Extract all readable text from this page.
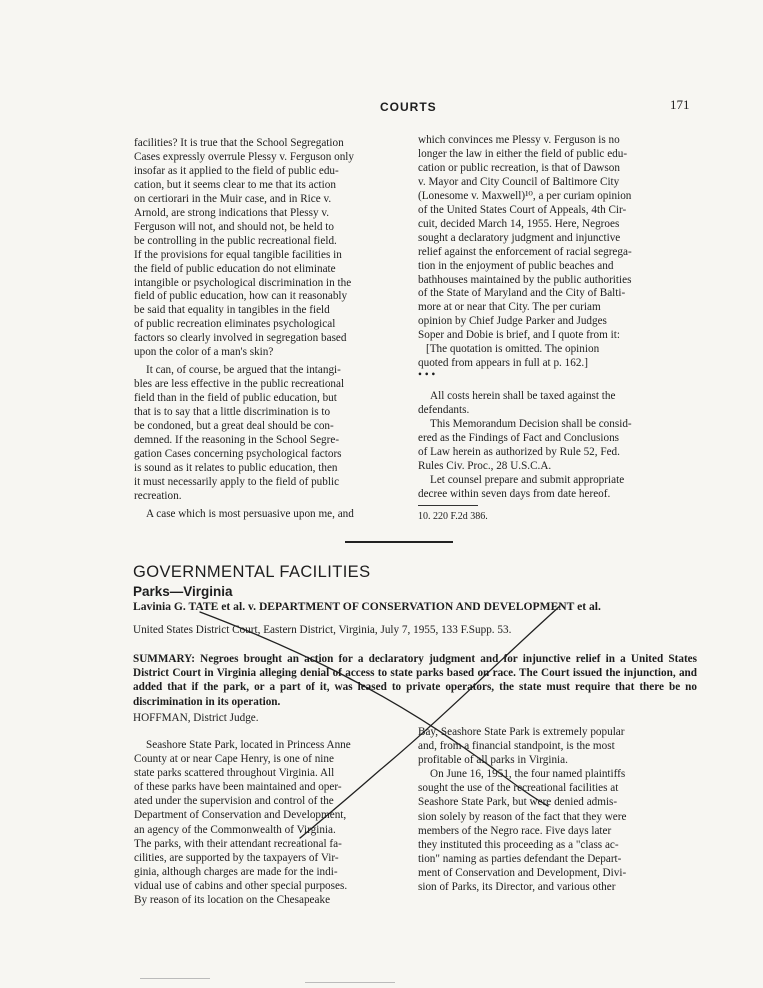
COURTS	171

facilities? It is true that the School Segregation
Cases expressly overrule Plessy v. Ferguson only
insofar as it applied to the field of public edu-
cation, but it seems clear to me that its action
on certiorari in the Muir case, and in Rice v.
Arnold, are strong indications that Plessy v.
Ferguson will not, and should not, be held to
be controlling in the public recreational field.
If the provisions for equal tangible facilities in
the field of public education do not eliminate
intangible or psychological discrimination in the
field of public education, how can it reasonably
be said that equality in tangibles in the field
of public recreation eliminates psychological
factors so clearly involved in segregation based
upon the color of a man's skin?

It can, of course, be argued that the intangi-
bles are less effective in the public recreational
field than in the field of public education, but
that is to say that a little discrimination is to
be condoned, but a great deal should be con-
demned. If the reasoning in the School Segre-
gation Cases concerning psychological factors
is sound as it relates to public education, then
it must necessarily apply to the field of public
recreation.

A case which is most persuasive upon me, and

which convinces me Plessy v. Ferguson is no
longer the law in either the field of public edu-
cation or public recreation, is that of Dawson
v. Mayor and City Council of Baltimore City
(Lonesome v. Maxwell)¹⁰, a per curiam opinion
of the United States Court of Appeals, 4th Cir-
cuit, decided March 14, 1955. Here, Negroes
sought a declaratory judgment and injunctive
relief against the enforcement of racial segrega-
tion in the enjoyment of public beaches and
bathhouses maintained by the public authorities
of the State of Maryland and the City of Balti-
more at or near that City. The per curiam
opinion by Chief Judge Parker and Judges
Soper and Dobie is brief, and I quote from it:

[The quotation is omitted. The opinion
quoted from appears in full at p. 162.]

• • •

All costs herein shall be taxed against the
defendants.

This Memorandum Decision shall be consid-
ered as the Findings of Fact and Conclusions
of Law herein as authorized by Rule 52, Fed.
Rules Civ. Proc., 28 U.S.C.A.

Let counsel prepare and submit appropriate
decree within seven days from date hereof.

10. 220 F.2d 386.

GOVERNMENTAL FACILITIES
Parks—Virginia
Lavinia G. TATE et al. v. DEPARTMENT OF CONSERVATION AND DEVELOPMENT et al.
United States District Court, Eastern District, Virginia, July 7, 1955, 133 F.Supp. 53.
SUMMARY: Negroes brought an action for a declaratory judgment and for injunctive relief in a United States District Court in Virginia alleging denial of access to state parks based on race. The Court issued the injunction, and added that if the park, or a part of it, was leased to private operators, the state must require that there be no discrimination in its operation.
HOFFMAN, District Judge.

Seashore State Park, located in Princess Anne
County at or near Cape Henry, is one of nine
state parks scattered throughout Virginia. All
of these parks have been maintained and oper-
ated under the supervision and control of the
Department of Conservation and Development,
an agency of the Commonwealth of Virginia.
The parks, with their attendant recreational fa-
cilities, are supported by the taxpayers of Vir-
ginia, although charges are made for the indi-
vidual use of cabins and other special purposes.
By reason of its location on the Chesapeake

Bay, Seashore State Park is extremely popular
and, from a financial standpoint, is the most
profitable of all parks in Virginia.

On June 16, 1951, the four named plaintiffs
sought the use of the recreational facilities at
Seashore State Park, but were denied admis-
sion solely by reason of the fact that they were
members of the Negro race. Five days later
they instituted this proceeding as a "class ac-
tion" naming as parties defendant the Depart-
ment of Conservation and Development, Divi-
sion of Parks, its Director, and various other
